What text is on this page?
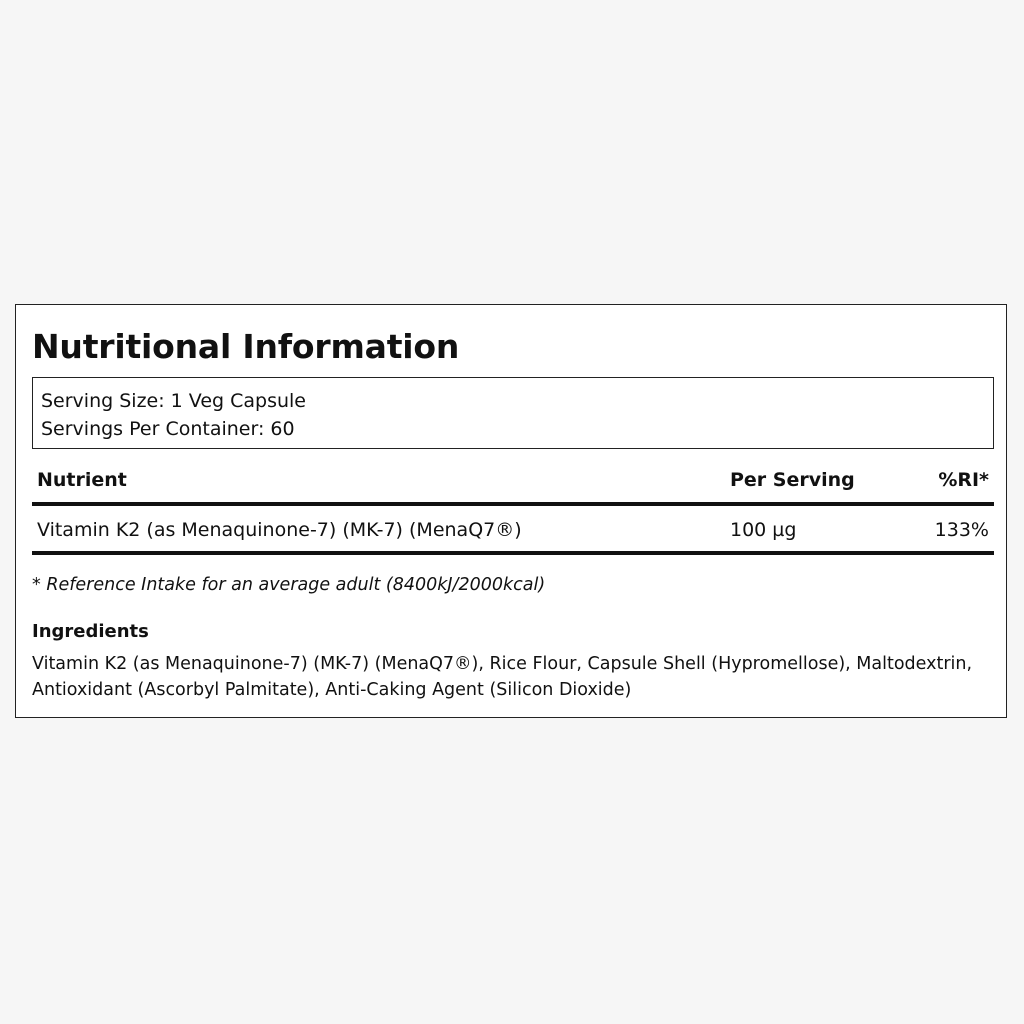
Nutritional Information
Serving Size: 1 Veg Capsule
Servings Per Container: 60
Nutrient	Per Serving	%RI*
Vitamin K2 (as Menaquinone-7) (MK-7) (MenaQ7®)	100 µg	133%
* Reference Intake for an average adult (8400kJ/2000kcal)
Ingredients
Vitamin K2 (as Menaquinone-7) (MK-7) (MenaQ7®), Rice Flour, Capsule Shell (Hypromellose), Maltodextrin,
Antioxidant (Ascorbyl Palmitate), Anti-Caking Agent (Silicon Dioxide)
